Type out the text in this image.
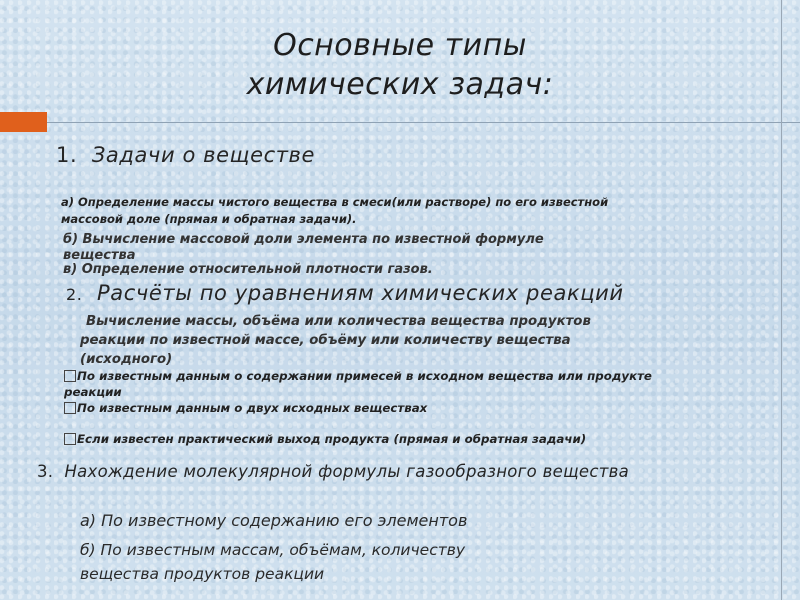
Основные типы
химических задач:
1. Задачи о веществе
а) Определение массы чистого вещества в смеси(или растворе) по его известной
массовой доле (прямая и обратная задачи).
б) Вычисление массовой доли элемента по известной формуле
вещества
в) Определение относительной плотности газов.
2. Расчёты по уравнениям химических реакций
Вычисление массы, объёма или количества вещества продуктов
реакции по известной массе, объёму или количеству вещества
(исходного)
По известным данным о содержании примесей в исходном вещества или продукте
реакции
По известным данным о двух исходных веществах
Если известен практический выход продукта (прямая и обратная задачи)
3. Нахождение молекулярной формулы газообразного вещества
а) По известному содержанию его элементов
б) По известным массам, объёмам, количеству
вещества продуктов реакции
